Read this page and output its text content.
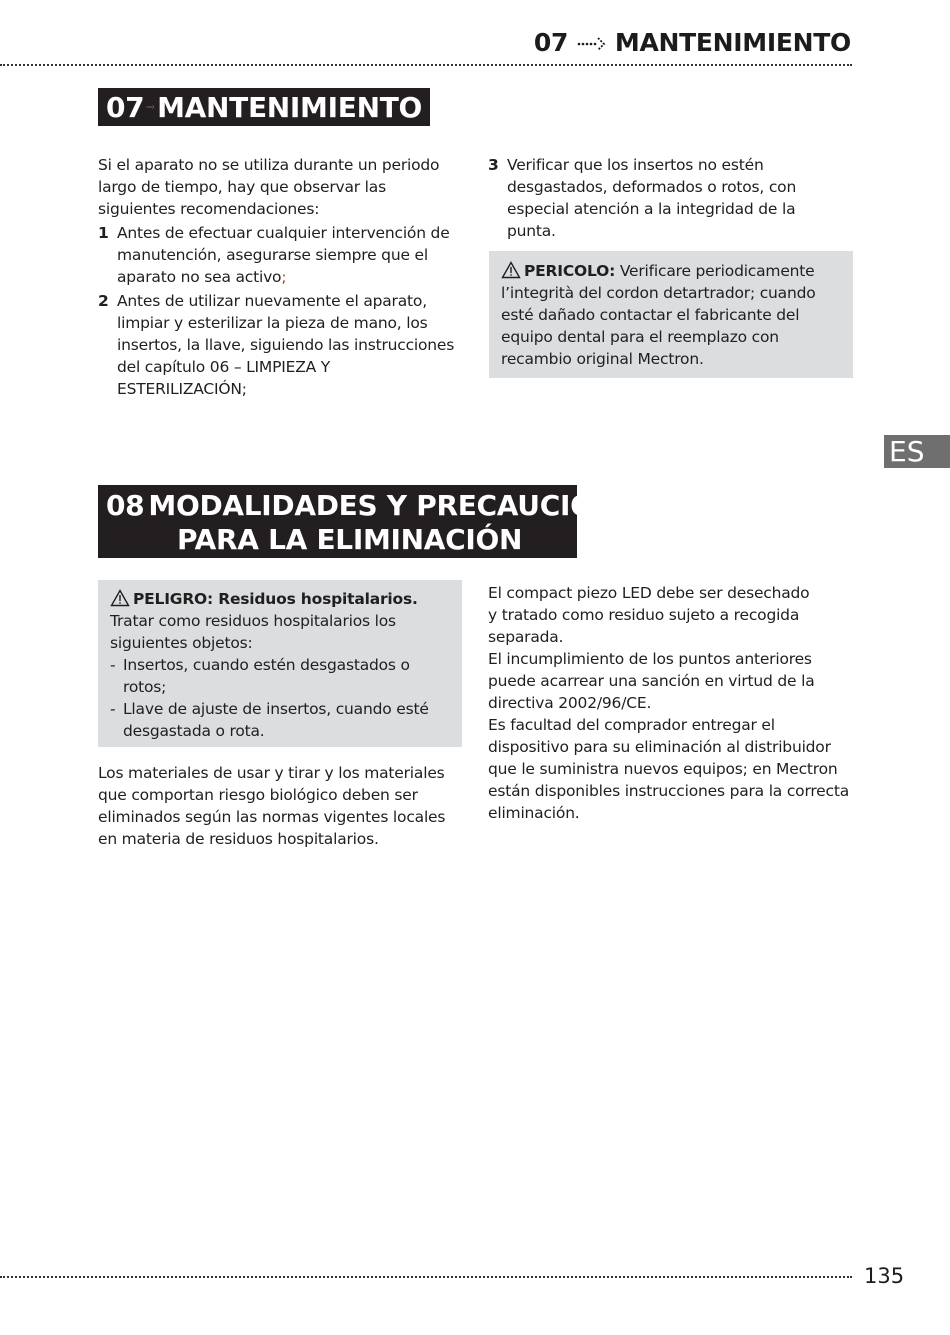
07 MANTENIMIENTO
07 MANTENIMIENTO

Si el aparato no se utiliza durante un periodo largo de tiempo, hay que observar las siguientes recomendaciones:

1 Antes de efectuar cualquier intervención de manutención, asegurarse siempre que el aparato no sea activo;
2 Antes de utilizar nuevamente el aparato, limpiar y esterilizar la pieza de mano, los insertos, la llave, siguiendo las instrucciones del capítulo 06 – LIMPIEZA Y ESTERILIZACIÓN;
3 Verificar que los insertos no estén desgastados, deformados o rotos, con especial atención a la integridad de la punta.
PERICOLO: Verificare periodicamente l’integrità del cordon detartrador; cuando esté dañado contactar el fabricante del equipo dental para el reemplazo con recambio original Mectron.
ES
08 MODALIDADES Y PRECAUCIONES
PARA LA ELIMINACIÓN
PELIGRO: Residuos hospitalarios.
Tratar como residuos hospitalarios los siguientes objetos:
- Insertos, cuando estén desgastados o rotos;
- Llave de ajuste de insertos, cuando esté desgastada o rota.

Los materiales de usar y tirar y los materiales que comportan riesgo biológico deben ser eliminados según las normas vigentes locales en materia de residuos hospitalarios.

El compact piezo LED debe ser desechado y tratado como residuo sujeto a recogida separada.

El incumplimiento de los puntos anteriores puede acarrear una sanción en virtud de la directiva 2002/96/CE.

Es facultad del comprador entregar el dispositivo para su eliminación al distribuidor que le suministra nuevos equipos; en Mectron están disponibles instrucciones para la correcta eliminación.

135
